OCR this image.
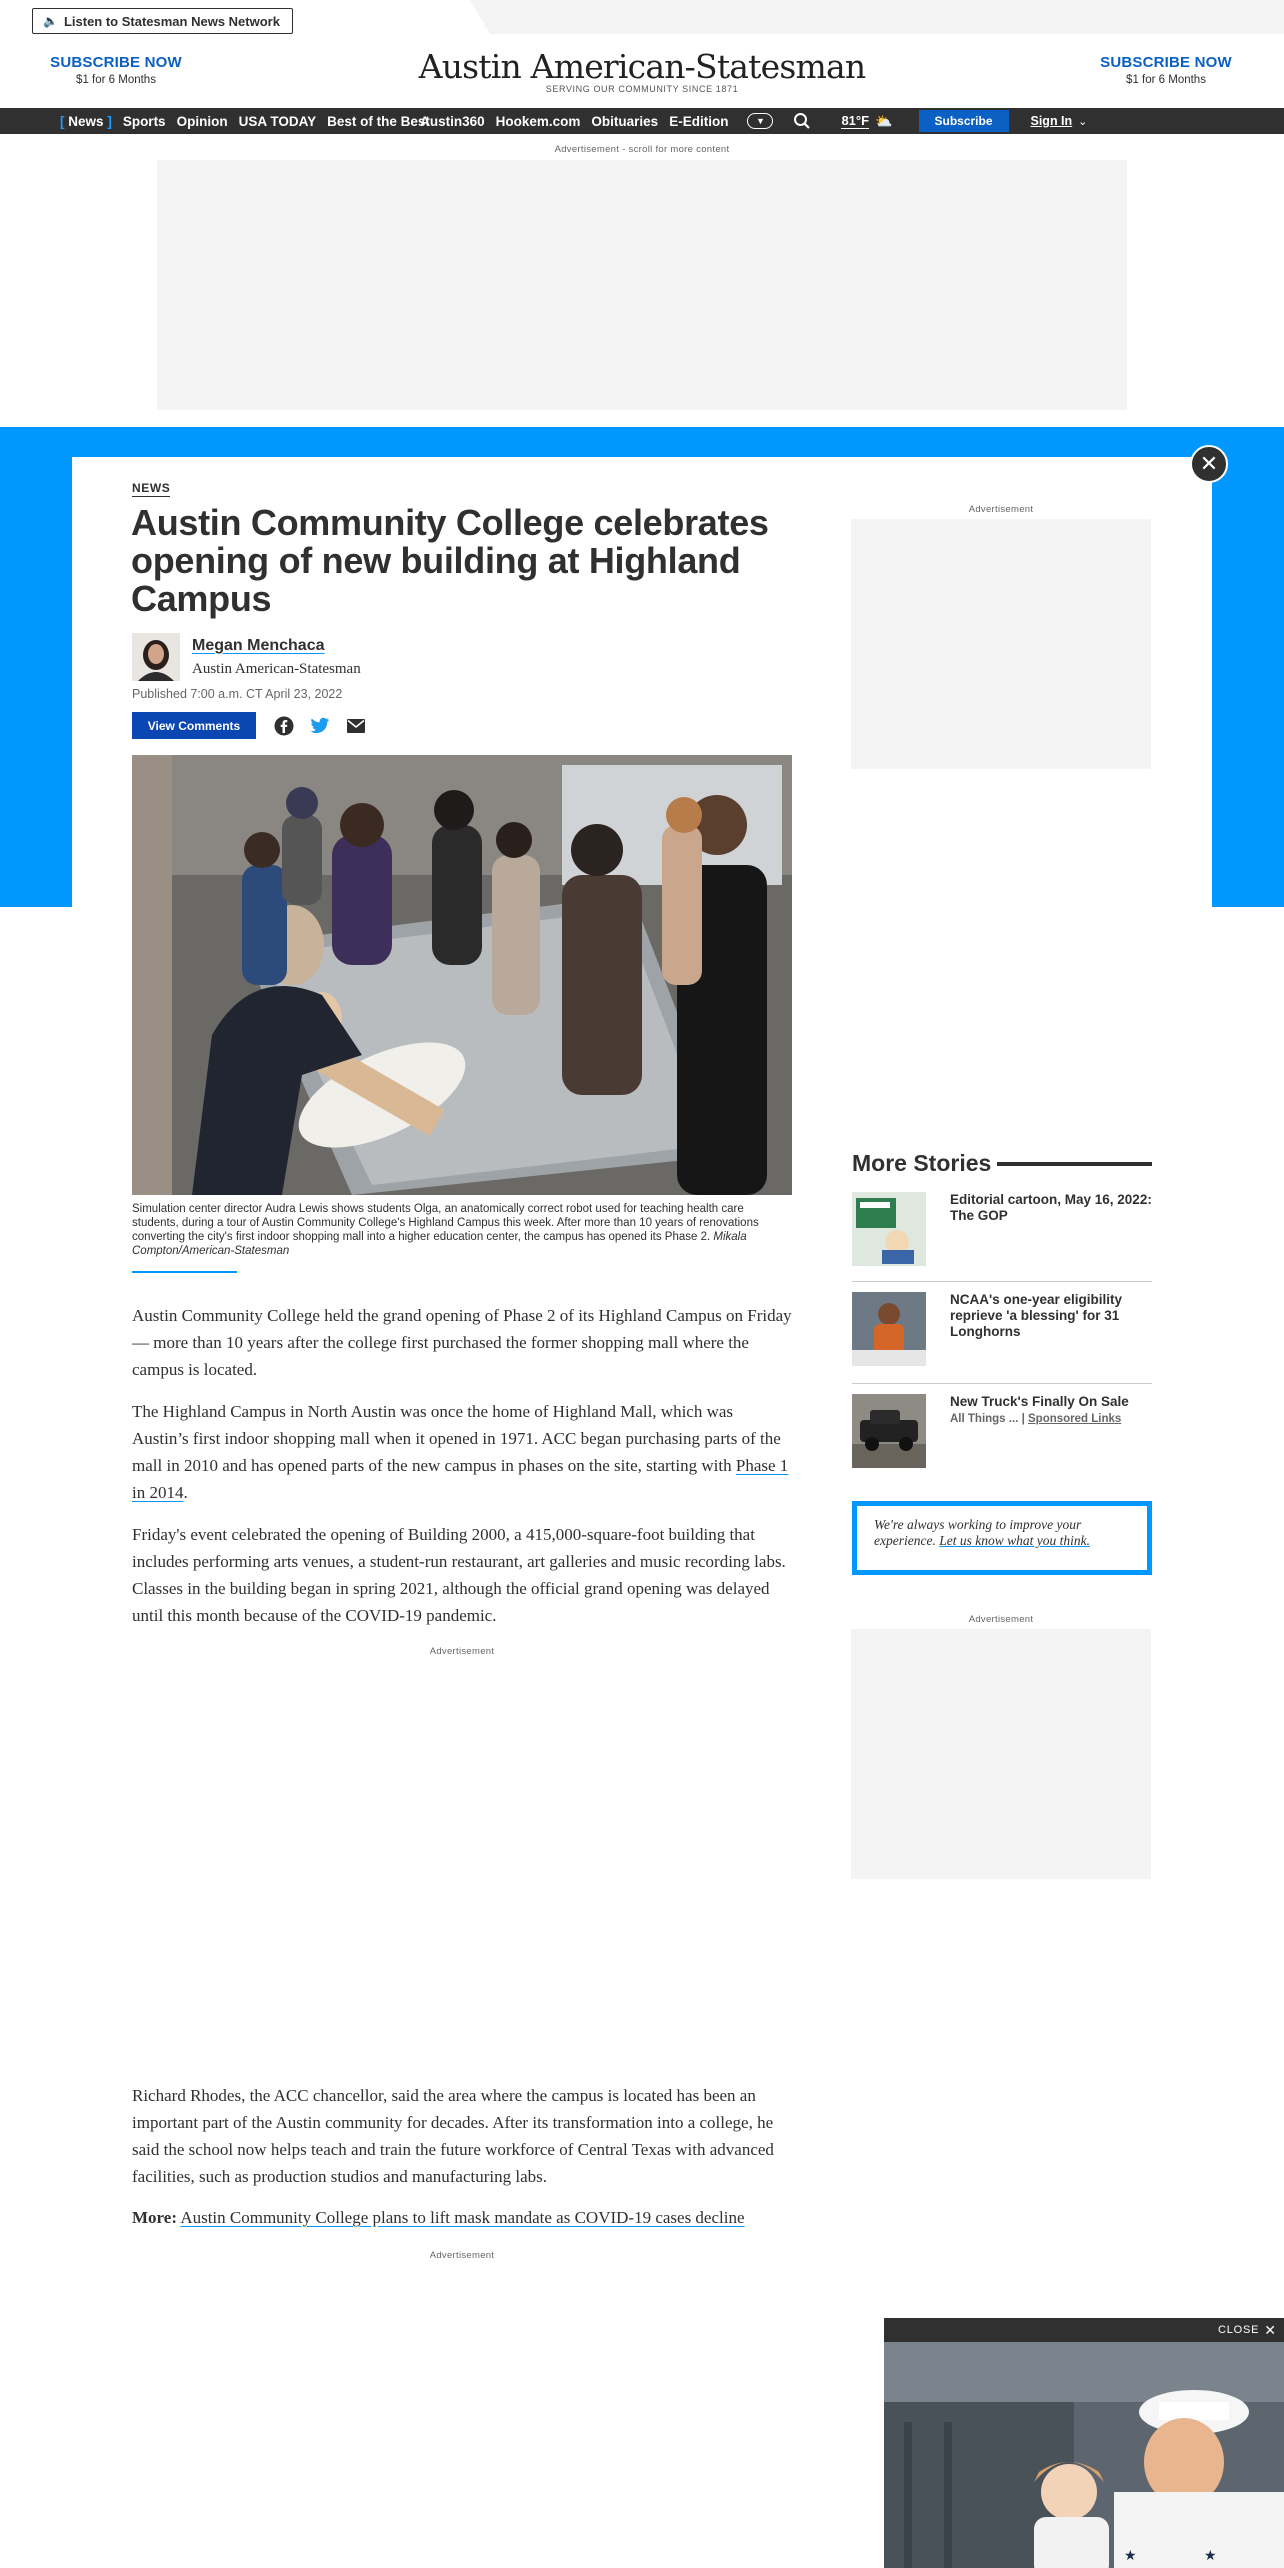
🔈 Listen to Statesman News Network
SUBSCRIBE NOW
$1 for 6 Months	Austin American-Statesman
SERVING OUR COMMUNITY SINCE 1871
SUBSCRIBE NOW
$1 for 6 Months
[ News ] Sports Opinion USA TODAY Best of the Best
Austin360 Hookem.com Obituaries E-Edition	▼	81°F ⛅	Subscribe	Sign In ⌄
Advertisement - scroll for more content
✕
NEWS
Austin Community College celebrates opening of new building at Highland Campus
Megan Menchaca
Austin American-Statesman
Published 7:00 a.m. CT April 23, 2022
View Comments
Simulation center director Audra Lewis shows students Olga, an anatomically correct robot used for teaching health care students, during a tour of Austin Community College's Highland Campus this week. After more than 10 years of renovations converting the city's first indoor shopping mall into a higher education center, the campus has opened its Phase 2. Mikala Compton/American-Statesman

Austin Community College held the grand opening of Phase 2 of its Highland Campus on Friday — more than 10 years after the college first purchased the former shopping mall where the campus is located.

The Highland Campus in North Austin was once the home of Highland Mall, which was Austin’s first indoor shopping mall when it opened in 1971. ACC began purchasing parts of the mall in 2010 and has opened parts of the new campus in phases on the site, starting with Phase 1 in 2014.

Friday's event celebrated the opening of Building 2000, a 415,000-square-foot building that includes performing arts venues, a student-run restaurant, art galleries and music recording labs. Classes in the building began in spring 2021, although the official grand opening was delayed until this month because of the COVID-19 pandemic.

Advertisement

Richard Rhodes, the ACC chancellor, said the area where the campus is located has been an important part of the Austin community for decades. After its transformation into a college, he said the school now helps teach and train the future workforce of Central Texas with advanced facilities, such as production studios and manufacturing labs.

More: Austin Community College plans to lift mask mandate as COVID-19 cases decline

Advertisement
Advertisement
More Stories
Editorial cartoon, May 16, 2022: The GOP
NCAA's one-year eligibility reprieve 'a blessing' for 31 Longhorns
New Truck's Finally On Sale
All Things ... | Sponsored Links
We're always working to improve your experience. Let us know what you think.
Advertisement
CLOSE ✕
★	★
